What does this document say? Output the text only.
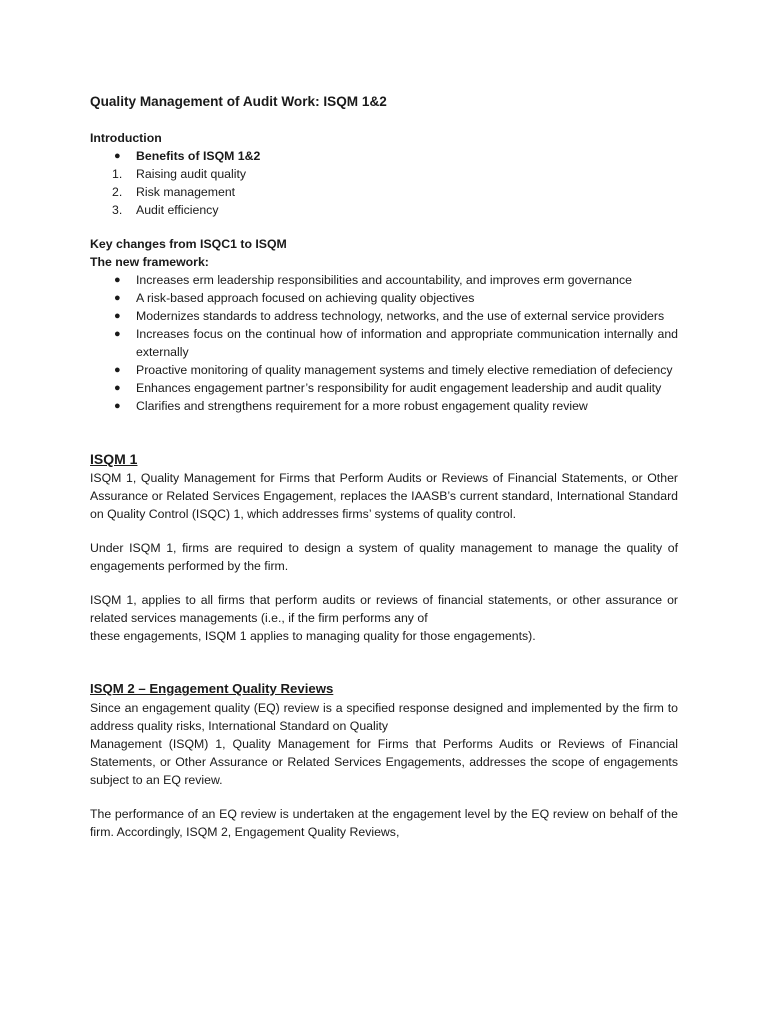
Quality Management of Audit Work: ISQM 1&2
Introduction
● Benefits of ISQM 1&2
1. Raising audit quality
2. Risk management
3. Audit efficiency
Key changes from ISQC1 to ISQM
The new framework:
● Increases erm leadership responsibilities and accountability, and improves erm governance
● A risk-based approach focused on achieving quality objectives
● Modernizes standards to address technology, networks, and the use of external service providers
● Increases focus on the continual how of information and appropriate communication internally and externally
● Proactive monitoring of quality management systems and timely elective remediation of defeciency
● Enhances engagement partner’s responsibility for audit engagement leadership and audit quality
● Clarifies and strengthens requirement for a more robust engagement quality review
ISQM 1

ISQM 1, Quality Management for Firms that Perform Audits or Reviews of Financial Statements, or Other Assurance or Related Services Engagement, replaces the IAASB’s current standard, International Standard on Quality Control (ISQC) 1, which addresses firms’ systems of quality control.

Under ISQM 1, firms are required to design a system of quality management to manage the quality of engagements performed by the firm.

ISQM 1, applies to all firms that perform audits or reviews of financial statements, or other assurance or related services managements (i.e., if the firm performs any of

these engagements, ISQM 1 applies to managing quality for those engagements).

ISQM 2 – Engagement Quality Reviews

Since an engagement quality (EQ) review is a specified response designed and implemented by the firm to address quality risks, International Standard on Quality

Management (ISQM) 1, Quality Management for Firms that Performs Audits or Reviews of Financial Statements, or Other Assurance or Related Services Engagements, addresses the scope of engagements subject to an EQ review.

The performance of an EQ review is undertaken at the engagement level by the EQ review on behalf of the firm. Accordingly, ISQM 2, Engagement Quality Reviews,
